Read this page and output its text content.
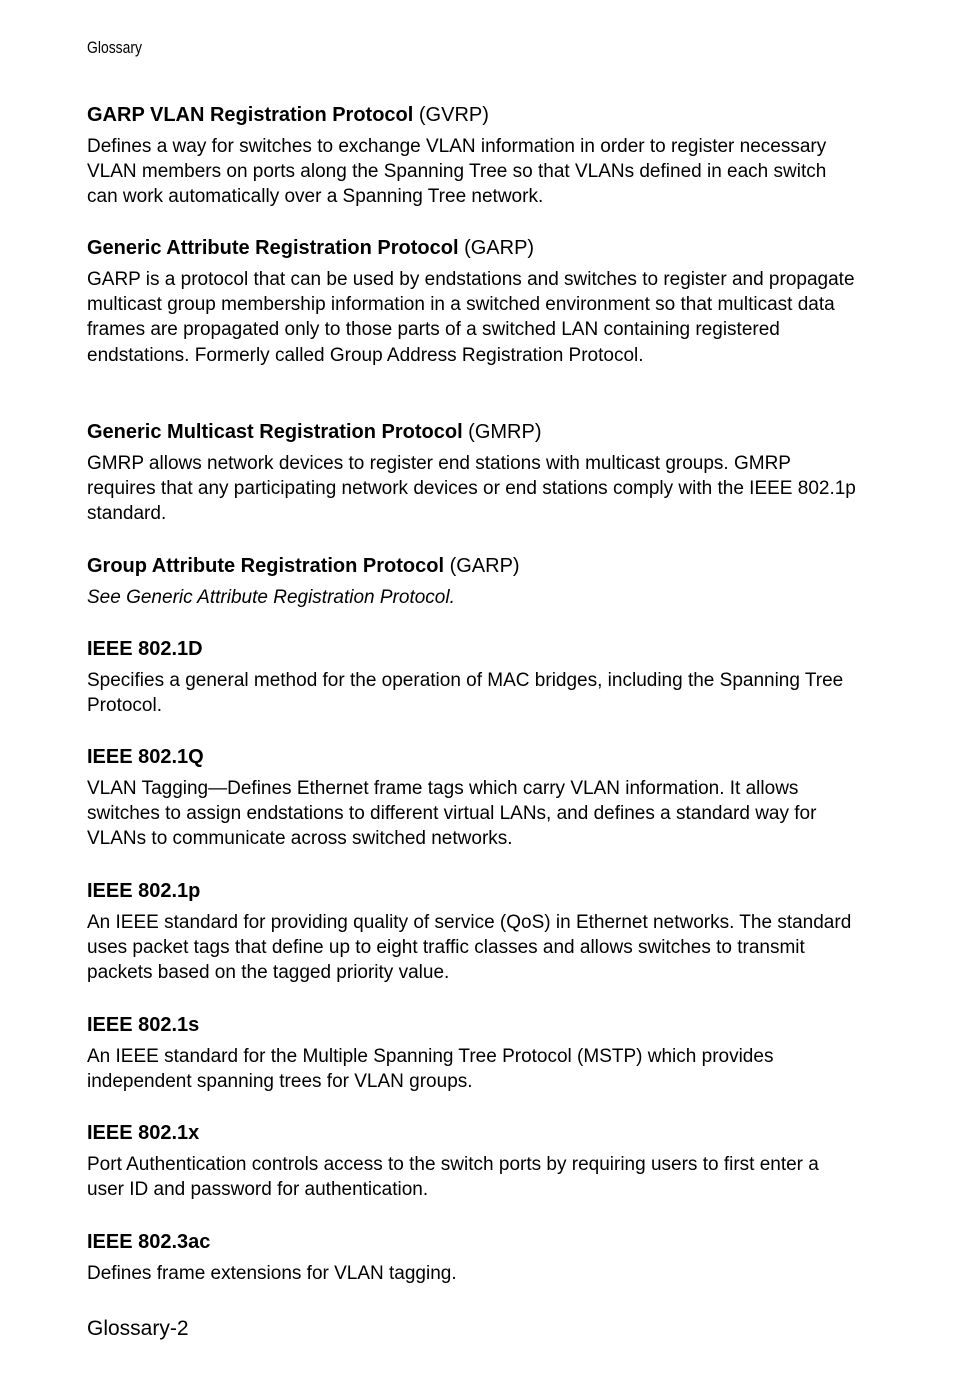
Glossary

GARP VLAN Registration Protocol (GVRP)

Defines a way for switches to exchange VLAN information in order to register necessary VLAN members on ports along the Spanning Tree so that VLANs defined in each switch can work automatically over a Spanning Tree network.

Generic Attribute Registration Protocol (GARP)

GARP is a protocol that can be used by endstations and switches to register and propagate multicast group membership information in a switched environment so that multicast data frames are propagated only to those parts of a switched LAN containing registered endstations. Formerly called Group Address Registration Protocol.

Generic Multicast Registration Protocol (GMRP)

GMRP allows network devices to register end stations with multicast groups. GMRP requires that any participating network devices or end stations comply with the IEEE 802.1p standard.

Group Attribute Registration Protocol (GARP)

See Generic Attribute Registration Protocol.

IEEE 802.1D

Specifies a general method for the operation of MAC bridges, including the Spanning Tree Protocol.

IEEE 802.1Q

VLAN Tagging—Defines Ethernet frame tags which carry VLAN information. It allows switches to assign endstations to different virtual LANs, and defines a standard way for VLANs to communicate across switched networks.

IEEE 802.1p

An IEEE standard for providing quality of service (QoS) in Ethernet networks. The standard uses packet tags that define up to eight traffic classes and allows switches to transmit packets based on the tagged priority value.

IEEE 802.1s

An IEEE standard for the Multiple Spanning Tree Protocol (MSTP) which provides independent spanning trees for VLAN groups.

IEEE 802.1x

Port Authentication controls access to the switch ports by requiring users to first enter a user ID and password for authentication.

IEEE 802.3ac

Defines frame extensions for VLAN tagging.

Glossary-2
